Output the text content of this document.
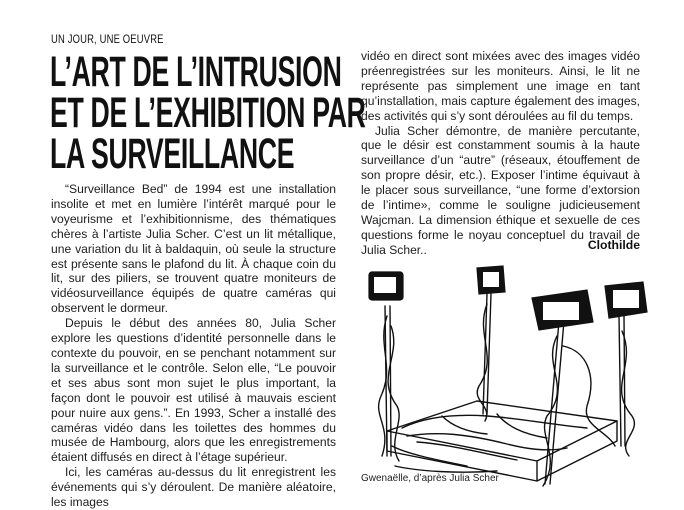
UN JOUR, UNE OEUVRE
L’ART DE L’INTRUSION
ET DE L’EXHIBITION PAR
LA SURVEILLANCE

“Surveillance Bed” de 1994 est une installation insolite et met en lumière l’intérêt marqué pour le voyeurisme et l’exhibitionnisme, des thématiques chères à l’artiste Julia Scher. C’est un lit métallique, une variation du lit à baldaquin, où seule la structure est présente sans le plafond du lit. À chaque coin du lit, sur des piliers, se trouvent quatre moniteurs de vidéosurveillance équipés de quatre caméras qui observent le dormeur.

Depuis le début des années 80, Julia Scher explore les questions d’identité personnelle dans le contexte du pouvoir, en se penchant notamment sur la surveillance et le contrôle. Selon elle, “Le pouvoir et ses abus sont mon sujet le plus important, la façon dont le pouvoir est utilisé à mauvais escient pour nuire aux gens.”. En 1993, Scher a installé des caméras vidéo dans les toilettes des hommes du musée de Hambourg, alors que les enregistrements étaient diffusés en direct à l’étage supérieur.

Ici, les caméras au-dessus du lit enregistrent les événements qui s’y déroulent. De manière aléatoire, les images

vidéo en direct sont mixées avec des images vidéo préenregistrées sur les moniteurs. Ainsi, le lit ne représente pas simplement une image en tant qu’installation, mais capture également des images, des activités qui s’y sont déroulées au fil du temps.

Julia Scher démontre, de manière percutante, que le désir est constamment soumis à la haute surveillance d’un “autre” (réseaux, étouffement de son propre désir, etc.). Exposer l’intime équivaut à le placer sous surveillance, “une forme d’extorsion de l’intime», comme le souligne judicieusement Wajcman. La dimension éthique et sexuelle de ces questions forme le noyau conceptuel du travail de Julia Scher..	Clothilde
Gwenaëlle, d’après Julia Scher
